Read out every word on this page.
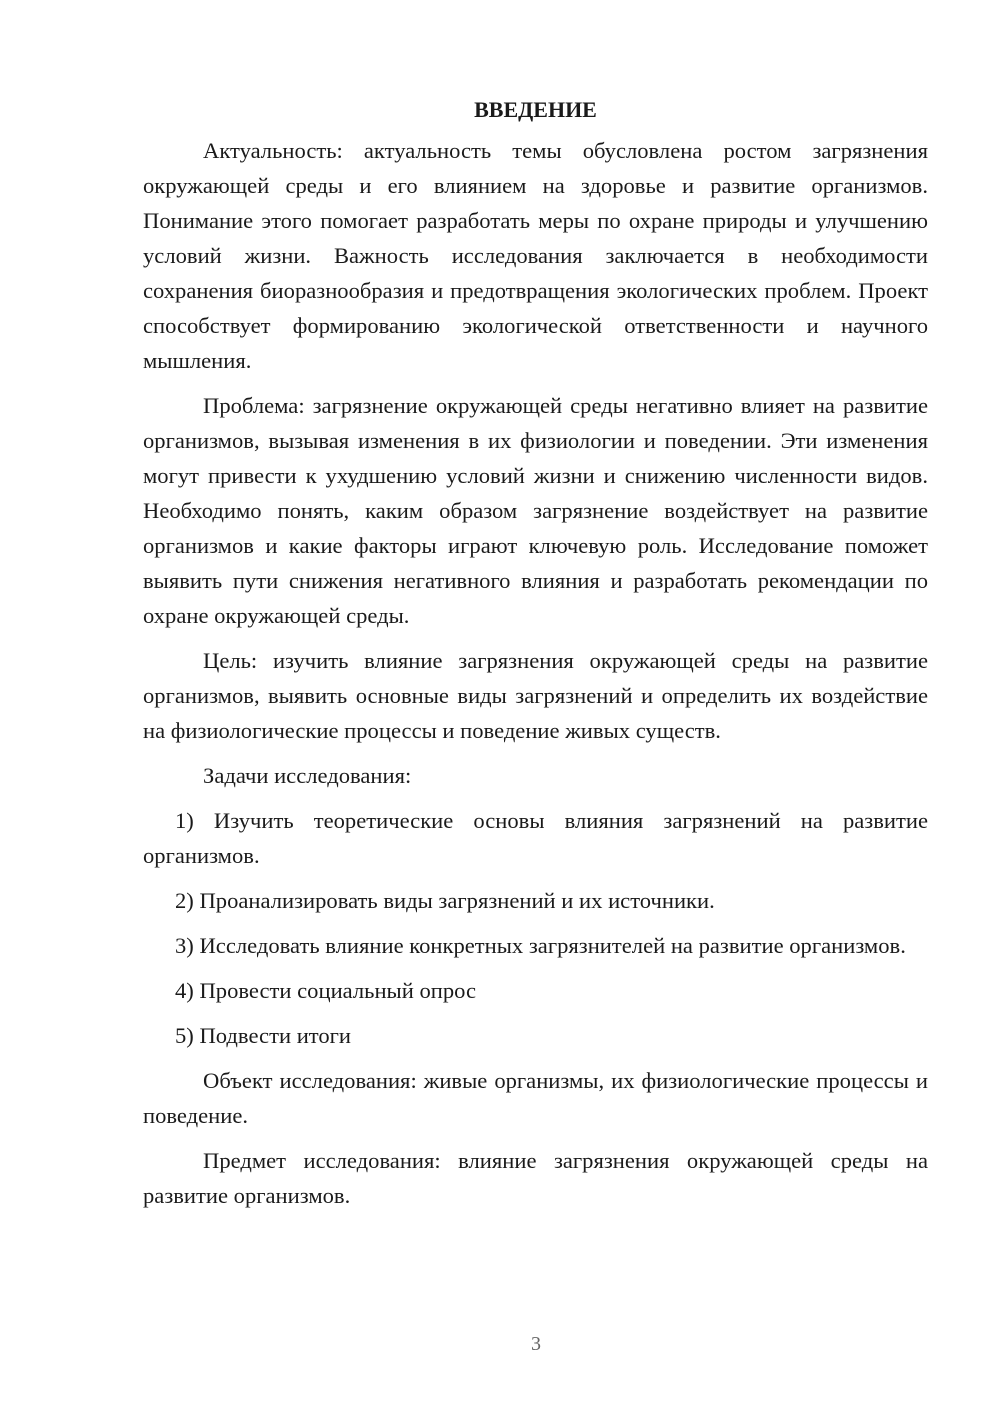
ВВЕДЕНИЕ

Актуальность: актуальность темы обусловлена ростом загрязнения окружающей среды и его влиянием на здоровье и развитие организмов. Понимание этого помогает разработать меры по охране природы и улучшению условий жизни. Важность исследования заключается в необходимости сохранения биоразнообразия и предотвращения экологических проблем. Проект способствует формированию экологической ответственности и научного мышления.

Проблема: загрязнение окружающей среды негативно влияет на развитие организмов, вызывая изменения в их физиологии и поведении. Эти изменения могут привести к ухудшению условий жизни и снижению численности видов. Необходимо понять, каким образом загрязнение воздействует на развитие организмов и какие факторы играют ключевую роль. Исследование поможет выявить пути снижения негативного влияния и разработать рекомендации по охране окружающей среды.

Цель: изучить влияние загрязнения окружающей среды на развитие организмов, выявить основные виды загрязнений и определить их воздействие на физиологические процессы и поведение живых существ.

Задачи исследования:

1) Изучить теоретические основы влияния загрязнений на развитие организмов.

2) Проанализировать виды загрязнений и их источники.

3) Исследовать влияние конкретных загрязнителей на развитие организмов.

4) Провести социальный опрос

5) Подвести итоги

Объект исследования: живые организмы, их физиологические процессы и поведение.

Предмет исследования: влияние загрязнения окружающей среды на развитие организмов.

3
